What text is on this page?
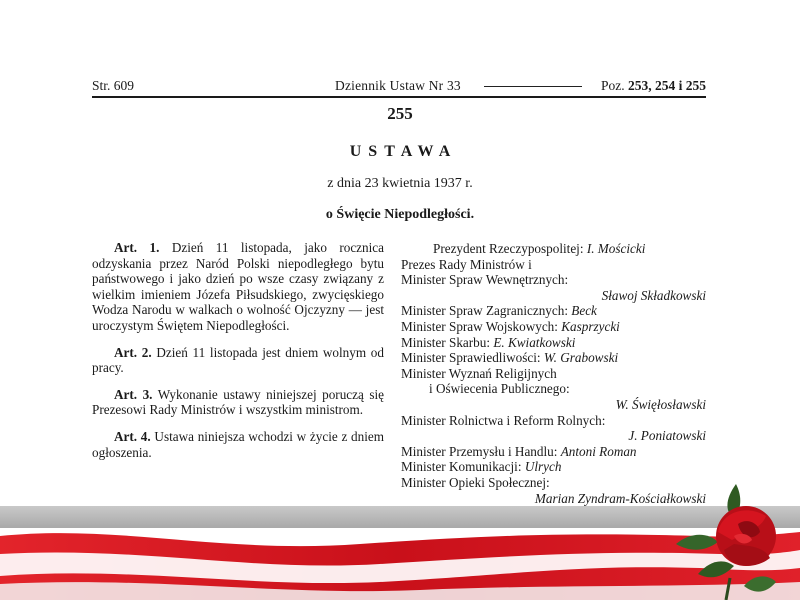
Str. 609	Dziennik Ustaw Nr 33	Poz. 253, 254 i 255
255
USTAWA
z dnia 23 kwietnia 1937 r.
o Święcie Niepodległości.

Art. 1. Dzień 11 listopada, jako rocznica odzyskania przez Naród Polski niepodległego bytu państwowego i jako dzień po wsze czasy związany z wielkim imieniem Józefa Piłsudskiego, zwycięskiego Wodza Narodu w walkach o wolność Ojczyzny — jest uroczystym Świętem Niepodległości.

Art. 2. Dzień 11 listopada jest dniem wolnym od pracy.

Art. 3. Wykonanie ustawy niniejszej poruczą się Prezesowi Rady Ministrów i wszystkim ministrom.

Art. 4. Ustawa niniejsza wchodzi w życie z dniem ogłoszenia.

Prezydent Rzeczypospolitej: I. Mościcki
Prezes Rady Ministrów i
Minister Spraw Wewnętrznych:
Sławoj Składkowski
Minister Spraw Zagranicznych: Beck
Minister Spraw Wojskowych: Kasprzycki
Minister Skarbu: E. Kwiatkowski
Minister Sprawiedliwości: W. Grabowski
Minister Wyznań Religijnych
i Oświecenia Publicznego:
W. Święłosławski
Minister Rolnictwa i Reform Rolnych:
J. Poniatowski
Minister Przemysłu i Handlu: Antoni Roman
Minister Komunikacji: Ulrych
Minister Opieki Społecznej:
Marian Zyndram-Kościałkowski
